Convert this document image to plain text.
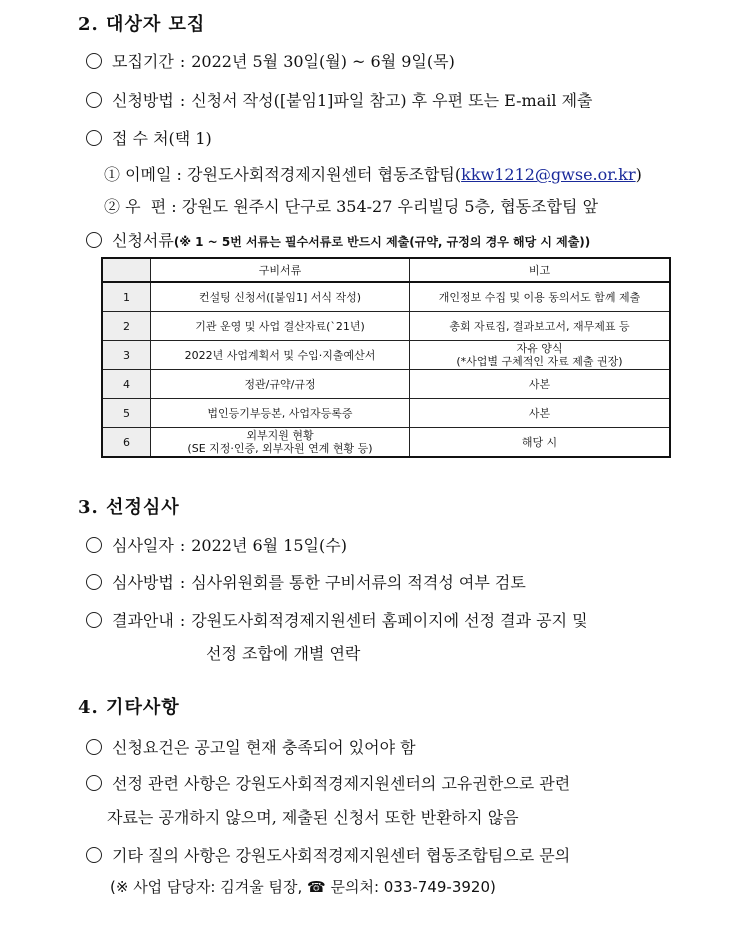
2. 대상자 모집
모집기간 : 2022년 5월 30일(월) ~ 6월 9일(목)
신청방법 : 신청서 작성([붙임1]파일 참고) 후 우편 또는 E-mail 제출
접 수 처(택 1)
① 이메일 : 강원도사회적경제지원센터 협동조합팀(kkw1212@gwse.or.kr)
② 우  편 : 강원도 원주시 단구로 354-27 우리빌딩 5층, 협동조합팀 앞
신청서류(※ 1 ~ 5번 서류는 필수서류로 반드시 제출(규약, 규정의 경우 해당 시 제출))
	구비서류	비고
1	컨설팅 신청서([붙임1] 서식 작성)	개인정보 수집 및 이용 동의서도 함께 제출
2	기관 운영 및 사업 결산자료(`21년)	총회 자료집, 결과보고서, 재무제표 등
3	2022년 사업계획서 및 수입·지출예산서	자유 양식
(*사업별 구체적인 자료 제출 권장)

4	정관/규약/규정	사본
5	법인등기부등본, 사업자등록증	사본
6	외부지원 현황
(SE 지정·인증, 외부자원 연계 현황 등)	해당 시
3. 선정심사
심사일자 : 2022년 6월 15일(수)
심사방법 : 심사위원회를 통한 구비서류의 적격성 여부 검토
결과안내 : 강원도사회적경제지원센터 홈페이지에 선정 결과 공지 및
선정 조합에 개별 연락
4. 기타사항
신청요건은 공고일 현재 충족되어 있어야 함
선정 관련 사항은 강원도사회적경제지원센터의 고유권한으로 관련
자료는 공개하지 않으며, 제출된 신청서 또한 반환하지 않음
기타 질의 사항은 강원도사회적경제지원센터 협동조합팀으로 문의
(※ 사업 담당자: 김겨울 팀장, ☎ 문의처: 033-749-3920)
